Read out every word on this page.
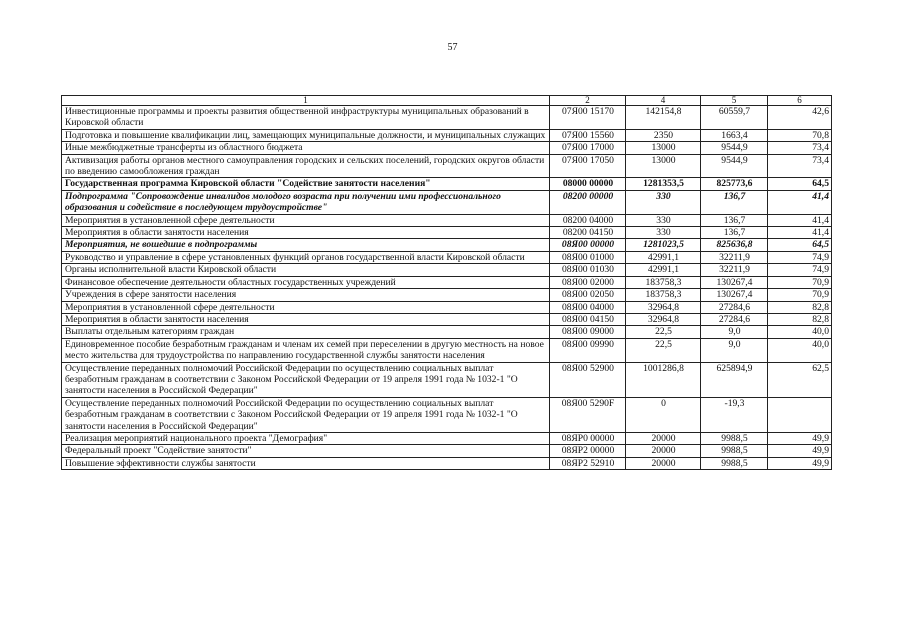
57
1	2	4	5	6
Инвестиционные программы и проекты развития общественной инфраструктуры муниципальных образований в Кировской области	07Я00 15170	142154,8	60559,7	42,6
Подготовка и повышение квалификации лиц, замещающих муниципальные должности, и муниципальных служащих	07Я00 15560	2350	1663,4	70,8
Иные межбюджетные трансферты из областного бюджета	07Я00 17000	13000	9544,9	73,4
Активизация работы органов местного самоуправления городских и сельских поселений, городских округов области по введению самообложения граждан	07Я00 17050	13000	9544,9	73,4
Государственная программа Кировской области "Содействие занятости населения"	08000 00000	1281353,5	825773,6	64,5
Подпрограмма "Сопровождение инвалидов молодого возраста при получении ими профессионального образования и содействие в последующем трудоустройстве"	08200 00000	330	136,7	41,4
Мероприятия в установленной сфере деятельности	08200 04000	330	136,7	41,4
Мероприятия в области занятости населения	08200 04150	330	136,7	41,4
Мероприятия, не вошедшие в подпрограммы	08Я00 00000	1281023,5	825636,8	64,5
Руководство и управление в сфере установленных функций органов государственной власти Кировской области	08Я00 01000	42991,1	32211,9	74,9
Органы исполнительной власти Кировской области	08Я00 01030	42991,1	32211,9	74,9
Финансовое обеспечение деятельности областных государственных учреждений	08Я00 02000	183758,3	130267,4	70,9
Учреждения в сфере занятости населения	08Я00 02050	183758,3	130267,4	70,9
Мероприятия в установленной сфере деятельности	08Я00 04000	32964,8	27284,6	82,8
Мероприятия в области занятости населения	08Я00 04150	32964,8	27284,6	82,8
Выплаты отдельным категориям граждан	08Я00 09000	22,5	9,0	40,0
Единовременное пособие безработным гражданам и членам их семей при переселении в другую местность на новое место жительства для трудоустройства по направлению государственной службы занятости населения	08Я00 09990	22,5	9,0	40,0
Осуществление переданных полномочий Российской Федерации по осуществлению социальных выплат безработным гражданам в соответствии с Законом Российской Федерации от 19 апреля 1991 года № 1032-1 "О занятости населения в Российской Федерации"	08Я00 52900	1001286,8	625894,9	62,5
Осуществление переданных полномочий Российской Федерации по осуществлению социальных выплат безработным гражданам в соответствии с Законом Российской Федерации от 19 апреля 1991 года № 1032-1 "О занятости населения в Российской Федерации"	08Я00 5290F	0	-19,3	
Реализация мероприятий национального проекта "Демография"	08ЯР0 00000	20000	9988,5	49,9
Федеральный проект "Содействие занятости"	08ЯР2 00000	20000	9988,5	49,9
Повышение эффективности службы занятости	08ЯР2 52910	20000	9988,5	49,9
